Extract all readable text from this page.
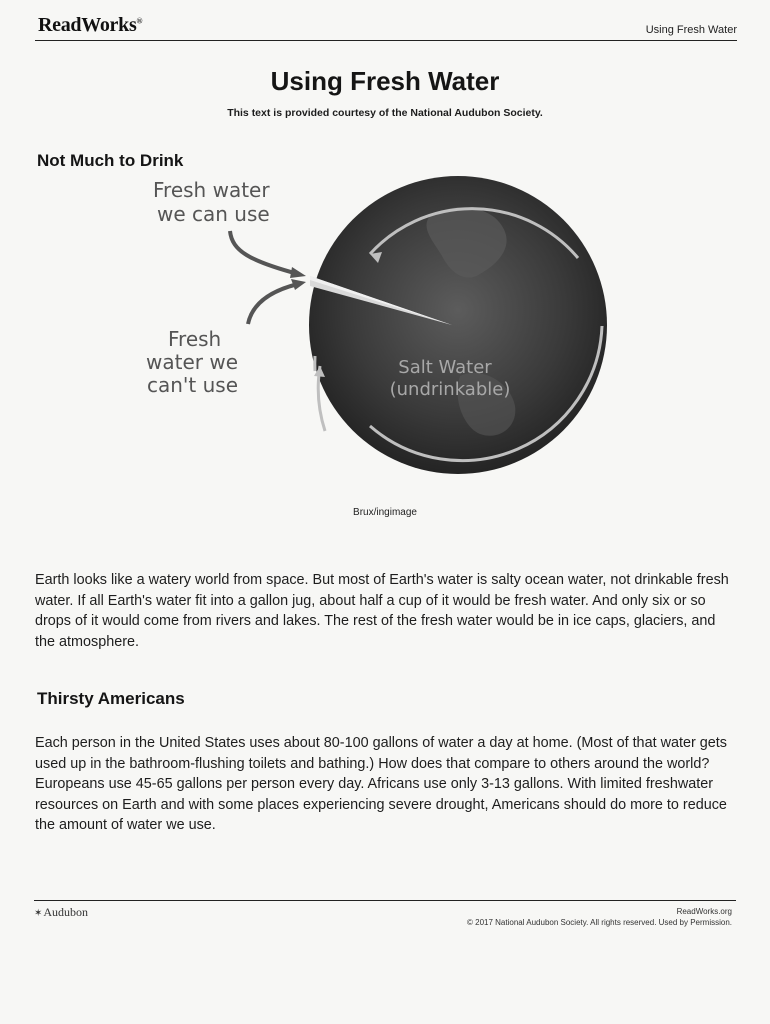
ReadWorks®
Using Fresh Water
Using Fresh Water
This text is provided courtesy of the National Audubon Society.
Not Much to Drink
Fresh water
we can use
Fresh
water we
can't use
Salt Water
(undrinkable)
Brux/ingimage
Earth looks like a watery world from space. But most of Earth's water is salty ocean water, not drinkable fresh water. If all Earth's water fit into a gallon jug, about half a cup of it would be fresh water. And only six or so drops of it would come from rivers and lakes. The rest of the fresh water would be in ice caps, glaciers, and the atmosphere.
Thirsty Americans
Each person in the United States uses about 80-100 gallons of water a day at home. (Most of that water gets used up in the bathroom-flushing toilets and bathing.) How does that compare to others around the world? Europeans use 45-65 gallons per person every day. Africans use only 3-13 gallons. With limited freshwater resources on Earth and with some places experiencing severe drought, Americans should do more to reduce the amount of water we use.
✶Audubon	ReadWorks.org
© 2017 National Audubon Society. All rights reserved. Used by Permission.
